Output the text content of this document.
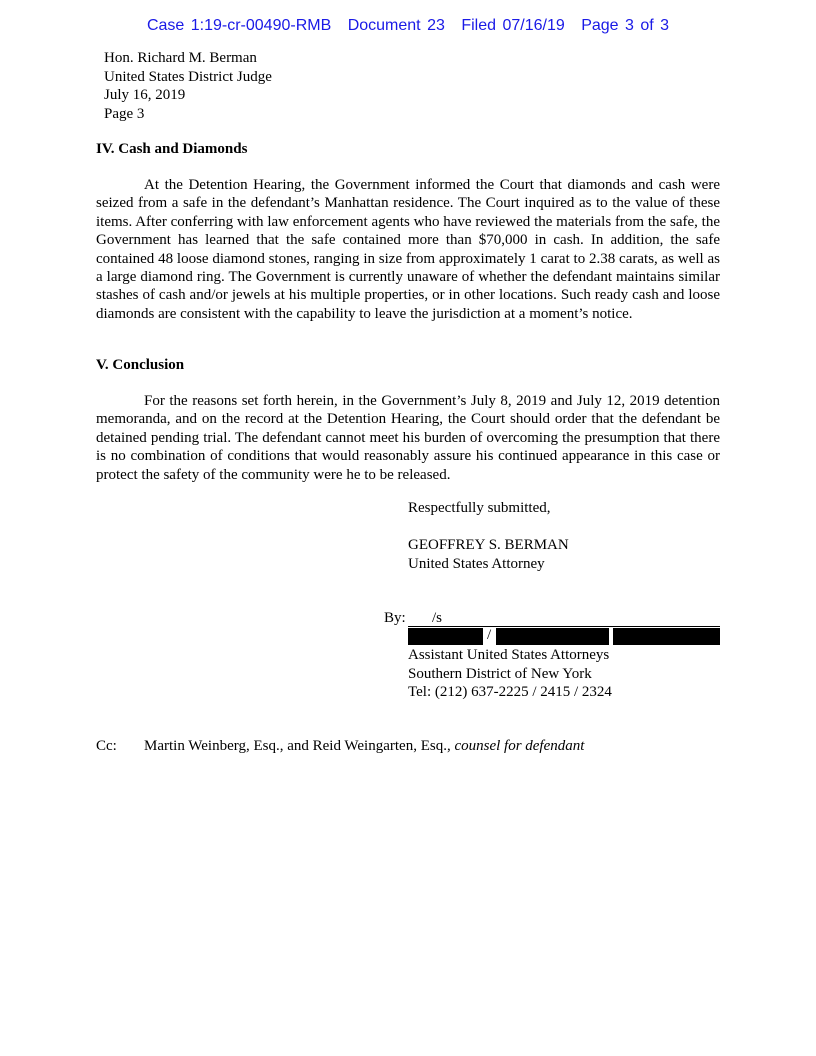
Case 1:19-cr-00490-RMB Document 23 Filed 07/16/19 Page 3 of 3
Hon. Richard M. Berman
United States District Judge
July 16, 2019
Page 3
IV. Cash and Diamonds

At the Detention Hearing, the Government informed the Court that diamonds and cash were seized from a safe in the defendant’s Manhattan residence. The Court inquired as to the value of these items. After conferring with law enforcement agents who have reviewed the materials from the safe, the Government has learned that the safe contained more than $70,000 in cash. In addition, the safe contained 48 loose diamond stones, ranging in size from approximately 1 carat to 2.38 carats, as well as a large diamond ring. The Government is currently unaware of whether the defendant maintains similar stashes of cash and/or jewels at his multiple properties, or in other locations. Such ready cash and loose diamonds are consistent with the capability to leave the jurisdiction at a moment’s notice.

V. Conclusion

For the reasons set forth herein, in the Government’s July 8, 2019 and July 12, 2019 detention memoranda, and on the record at the Detention Hearing, the Court should order that the defendant be detained pending trial. The defendant cannot meet his burden of overcoming the presumption that there is no combination of conditions that would reasonably assure his continued appearance in this case or protect the safety of the community were he to be released.

Respectfully submitted,
GEOFFREY S. BERMAN
United States Attorney
By: /s
/	/
Assistant United States Attorneys
Southern District of New York
Tel: (212) 637-2225 / 2415 / 2324
Cc: Martin Weinberg, Esq., and Reid Weingarten, Esq., counsel for defendant
